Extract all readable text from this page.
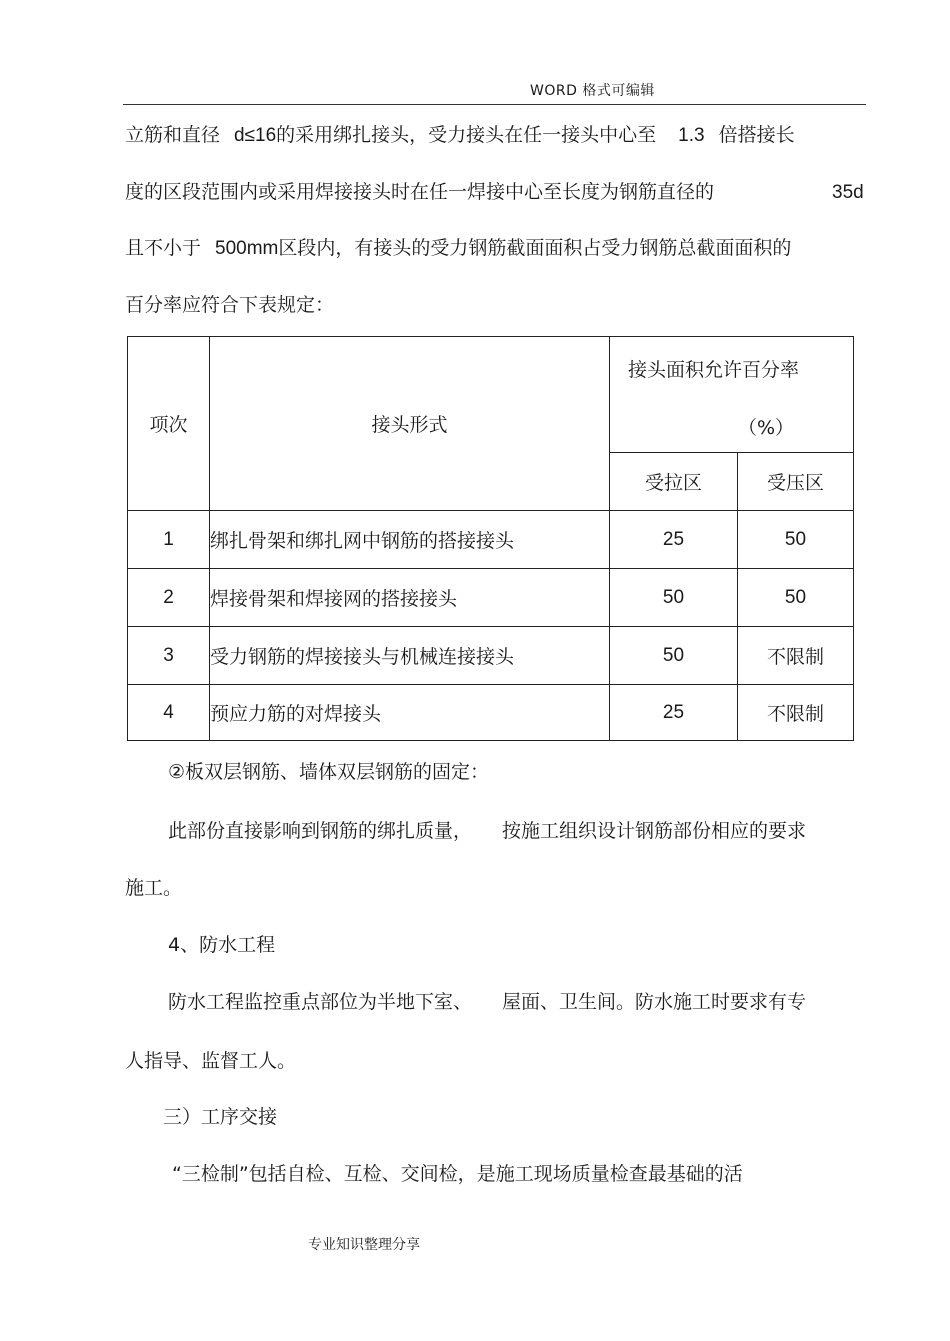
WORD 格式可编辑
立筋和直径 d≤16的采用绑扎接头，受力接头在任一接头中心至 1.3 倍搭接长
度的区段范围内或采用焊接接头时在任一焊接中心至长度为钢筋直径的	35d
且不小于 500mm区段内，有接头的受力钢筋截面面积占受力钢筋总截面面积的
百分率应符合下表规定：
项次	接头形式	接头面积允许百分率
（%）	

		受拉区	受压区
1	绑扎骨架和绑扎网中钢筋的搭接接头	25	50
2	焊接骨架和焊接网的搭接接头	50	50
3	受力钢筋的焊接接头与机械连接接头	50	不限制
4	预应力筋的对焊接头	25	不限制
②板双层钢筋、墙体双层钢筋的固定：
此部份直接影响到钢筋的绑扎质量， 按施工组织设计钢筋部份相应的要求
施工。
4、防水工程
防水工程监控重点部位为半地下室、 屋面、卫生间。防水施工时要求有专
人指导、监督工人。
三）工序交接
“三检制”包括自检、互检、交间检，是施工现场质量检查最基础的活
专业知识整理分享
